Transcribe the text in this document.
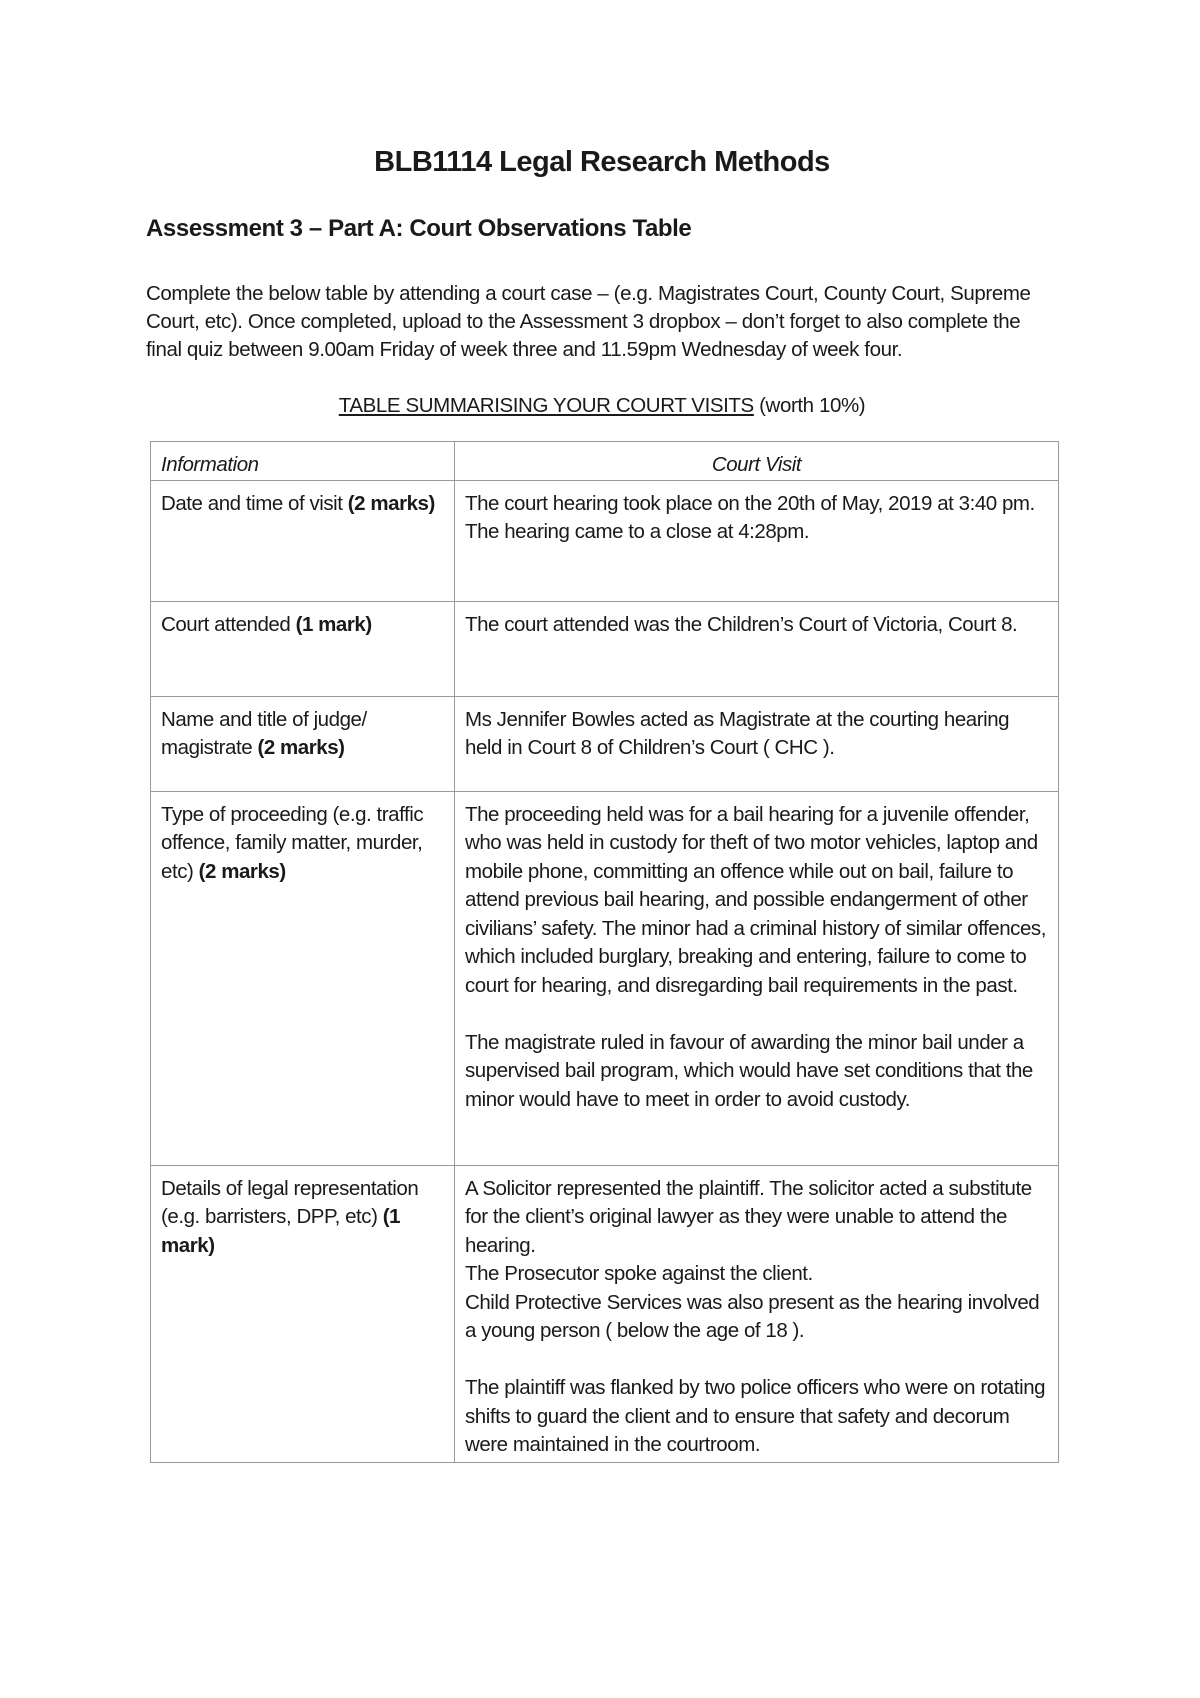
BLB1114 Legal Research Methods
Assessment 3 – Part A: Court Observations Table

Complete the below table by attending a court case – (e.g. Magistrates Court, County Court, Supreme Court, etc). Once completed, upload to the Assessment 3 dropbox – don’t forget to also complete the final quiz between 9.00am Friday of week three and 11.59pm Wednesday of week four.

TABLE SUMMARISING YOUR COURT VISITS (worth 10%)

Information	Court Visit
Date and time of visit (2 marks)	The court hearing took place on the 20th of May, 2019 at 3:40 pm. The hearing came to a close at 4:28pm.

Court attended (1 mark)	The court attended was the Children’s Court of Victoria, Court 8.

Name and title of judge/ magistrate (2 marks)	Ms Jennifer Bowles acted as Magistrate at the courting hearing held in Court 8 of Children’s Court ( CHC ).

Type of proceeding (e.g. traffic offence, family matter, murder, etc) (2 marks)	The proceeding held was for a bail hearing for a juvenile offender, who was held in custody for theft of two motor vehicles, laptop and mobile phone, committing an offence while out on bail, failure to attend previous bail hearing, and possible endangerment of other civilians’ safety. The minor had a criminal history of similar offences, which included burglary, breaking and entering, failure to come to court for hearing, and disregarding bail requirements in the past.
The magistrate ruled in favour of awarding the minor bail under a supervised bail program, which would have set conditions that the minor would have to meet in order to avoid custody.

Details of legal representation (e.g. barristers, DPP, etc) (1 mark)	A Solicitor represented the plaintiff. The solicitor acted a substitute for the client’s original lawyer as they were unable to attend the hearing.
The Prosecutor spoke against the client.
Child Protective Services was also present as the hearing involved a young person ( below the age of 18 ).
The plaintiff was flanked by two police officers who were on rotating shifts to guard the client and to ensure that safety and decorum were maintained in the courtroom.
